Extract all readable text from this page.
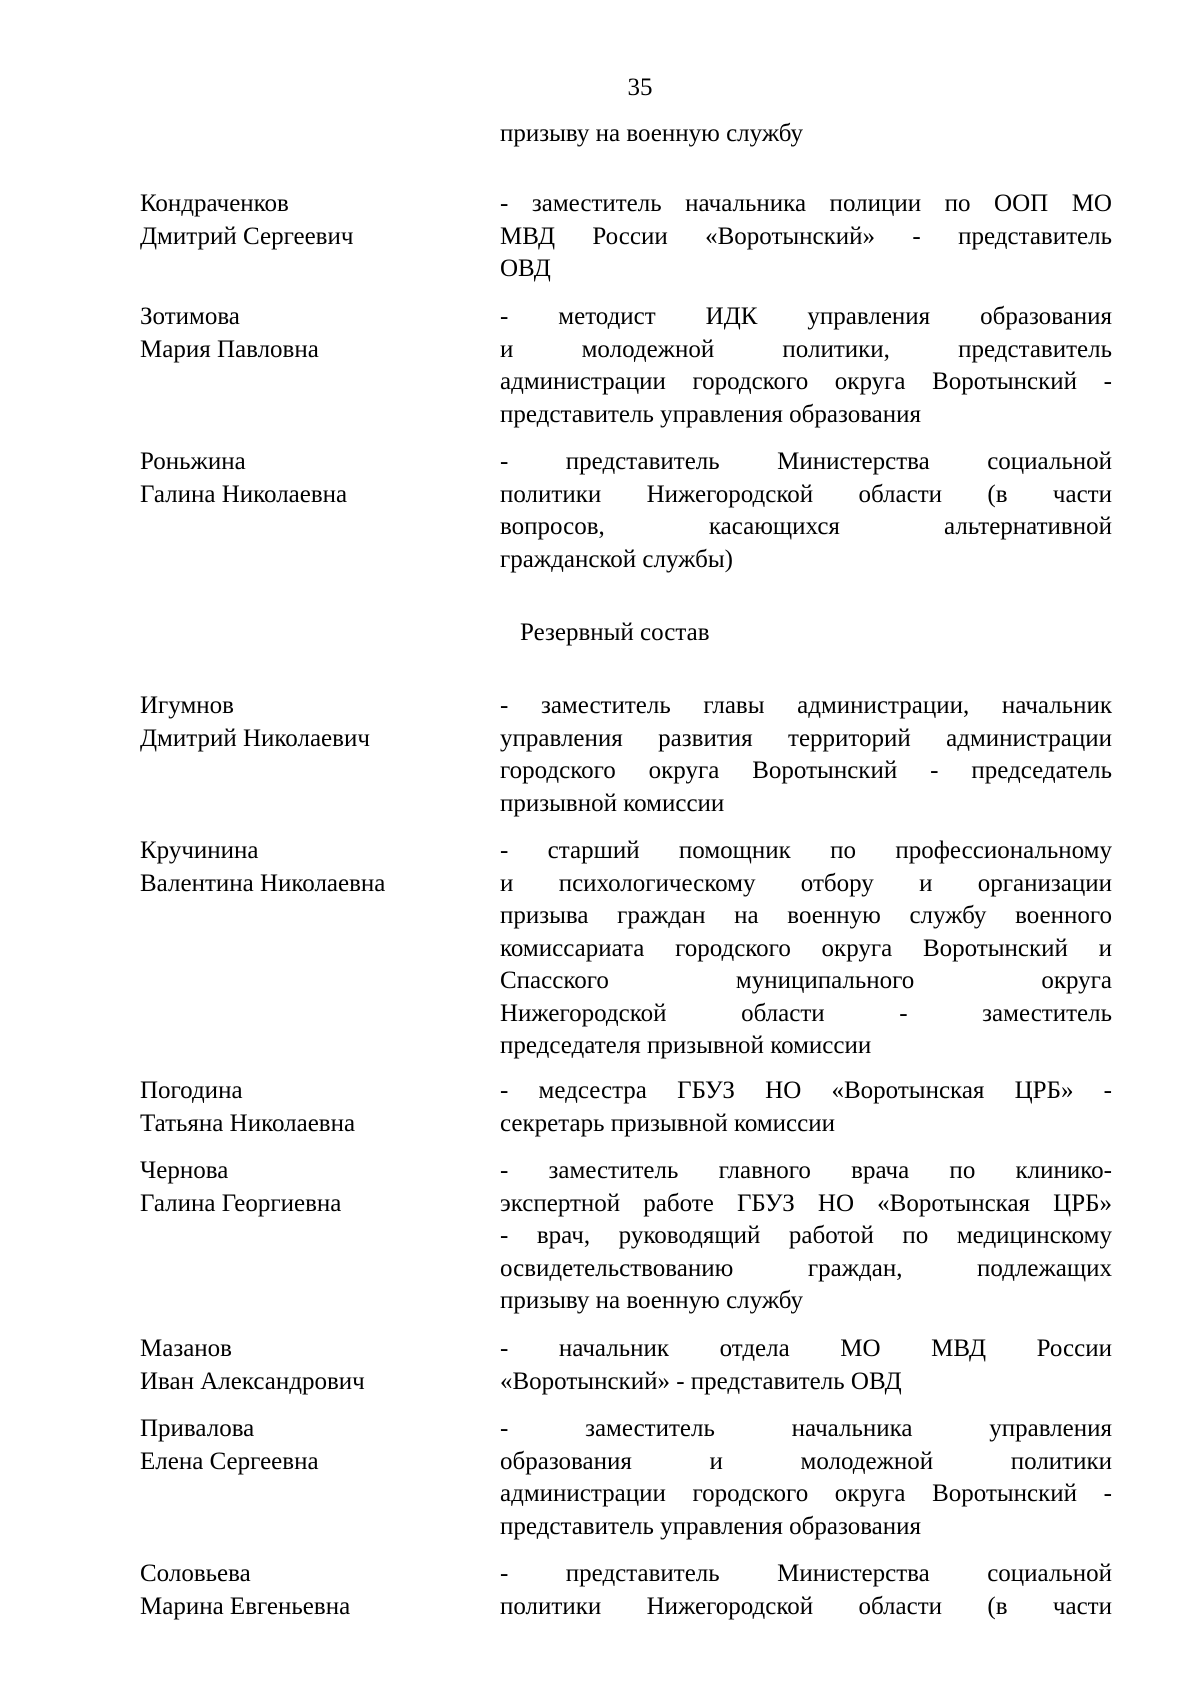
35
призыву на военную службу
Кондраченков
Дмитрий Сергеевич
- заместитель начальника полиции по ООП МО
МВД России «Воротынский» - представитель
ОВД
Зотимова
Мария Павловна
- методист ИДК управления образования
и молодежной политики, представитель
администрации городского округа Воротынский -
представитель управления образования
Роньжина
Галина Николаевна
- представитель Министерства социальной
политики Нижегородской области (в части
вопросов, касающихся альтернативной
гражданской службы)
Резервный состав
Игумнов
Дмитрий Николаевич
- заместитель главы администрации, начальник
управления развития территорий администрации
городского округа Воротынский - председатель
призывной комиссии
Кручинина
Валентина Николаевна
- старший помощник по профессиональному
и психологическому отбору и организации
призыва граждан на военную службу военного
комиссариата городского округа Воротынский и
Спасского муниципального округа
Нижегородской области - заместитель
председателя призывной комиссии
Погодина
Татьяна Николаевна
- медсестра ГБУЗ НО «Воротынская ЦРБ» -
секретарь призывной комиссии
Чернова
Галина Георгиевна
- заместитель главного врача по клинико-
экспертной работе ГБУЗ НО «Воротынская ЦРБ»
- врач, руководящий работой по медицинскому
освидетельствованию граждан, подлежащих
призыву на военную службу
Мазанов
Иван Александрович
- начальник отдела МО МВД России
«Воротынский» - представитель ОВД
Привалова
Елена Сергеевна
- заместитель начальника управления
образования и молодежной политики
администрации городского округа Воротынский -
представитель управления образования
Соловьева
Марина Евгеньевна
- представитель Министерства социальной
политики Нижегородской области (в части
